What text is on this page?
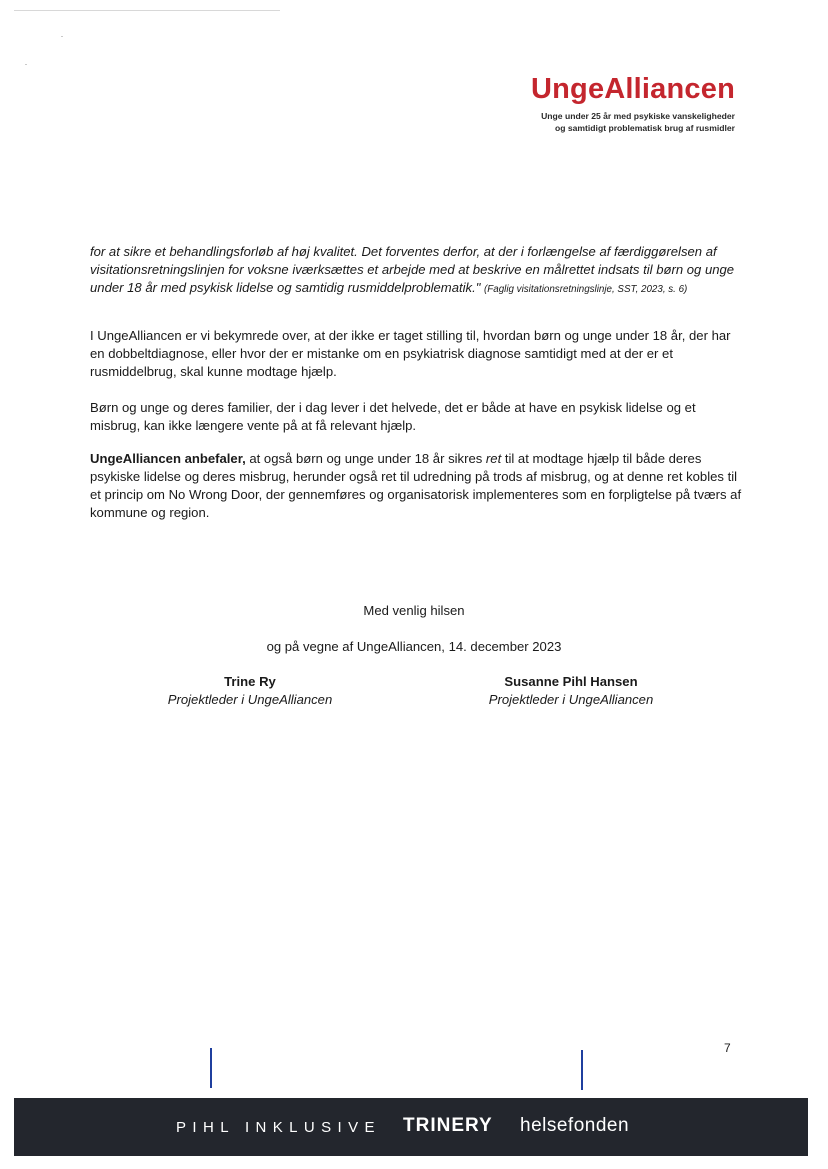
UngeAlliancen
Unge under 25 år med psykiske vanskeligheder
og samtidigt problematisk brug af rusmidler
for at sikre et behandlingsforløb af høj kvalitet. Det forventes derfor, at der i forlængelse af færdiggørelsen af visitationsretningslinjen for voksne iværksættes et arbejde med at beskrive en målrettet indsats til børn og unge under 18 år med psykisk lidelse og samtidig rusmiddelproblematik." (Faglig visitationsretningslinje, SST, 2023, s. 6)
I UngeAlliancen er vi bekymrede over, at der ikke er taget stilling til, hvordan børn og unge under 18 år, der har en dobbeltdiagnose, eller hvor der er mistanke om en psykiatrisk diagnose samtidigt med at der er et rusmiddelbrug, skal kunne modtage hjælp.
Børn og unge og deres familier, der i dag lever i det helvede, det er både at have en psykisk lidelse og et misbrug, kan ikke længere vente på at få relevant hjælp.
UngeAlliancen anbefaler, at også børn og unge under 18 år sikres ret til at modtage hjælp til både deres psykiske lidelse og deres misbrug, herunder også ret til udredning på trods af misbrug, og at denne ret kobles til et princip om No Wrong Door, der gennemføres og organisatorisk implementeres som en forpligtelse på tværs af kommune og region.
Med venlig hilsen
og på vegne af UngeAlliancen, 14. december 2023
Trine Ry
Projektleder i UngeAlliancen
Susanne Pihl Hansen
Projektleder i UngeAlliancen
7
PIHL INKLUSIVE TRINERY helsefonden
